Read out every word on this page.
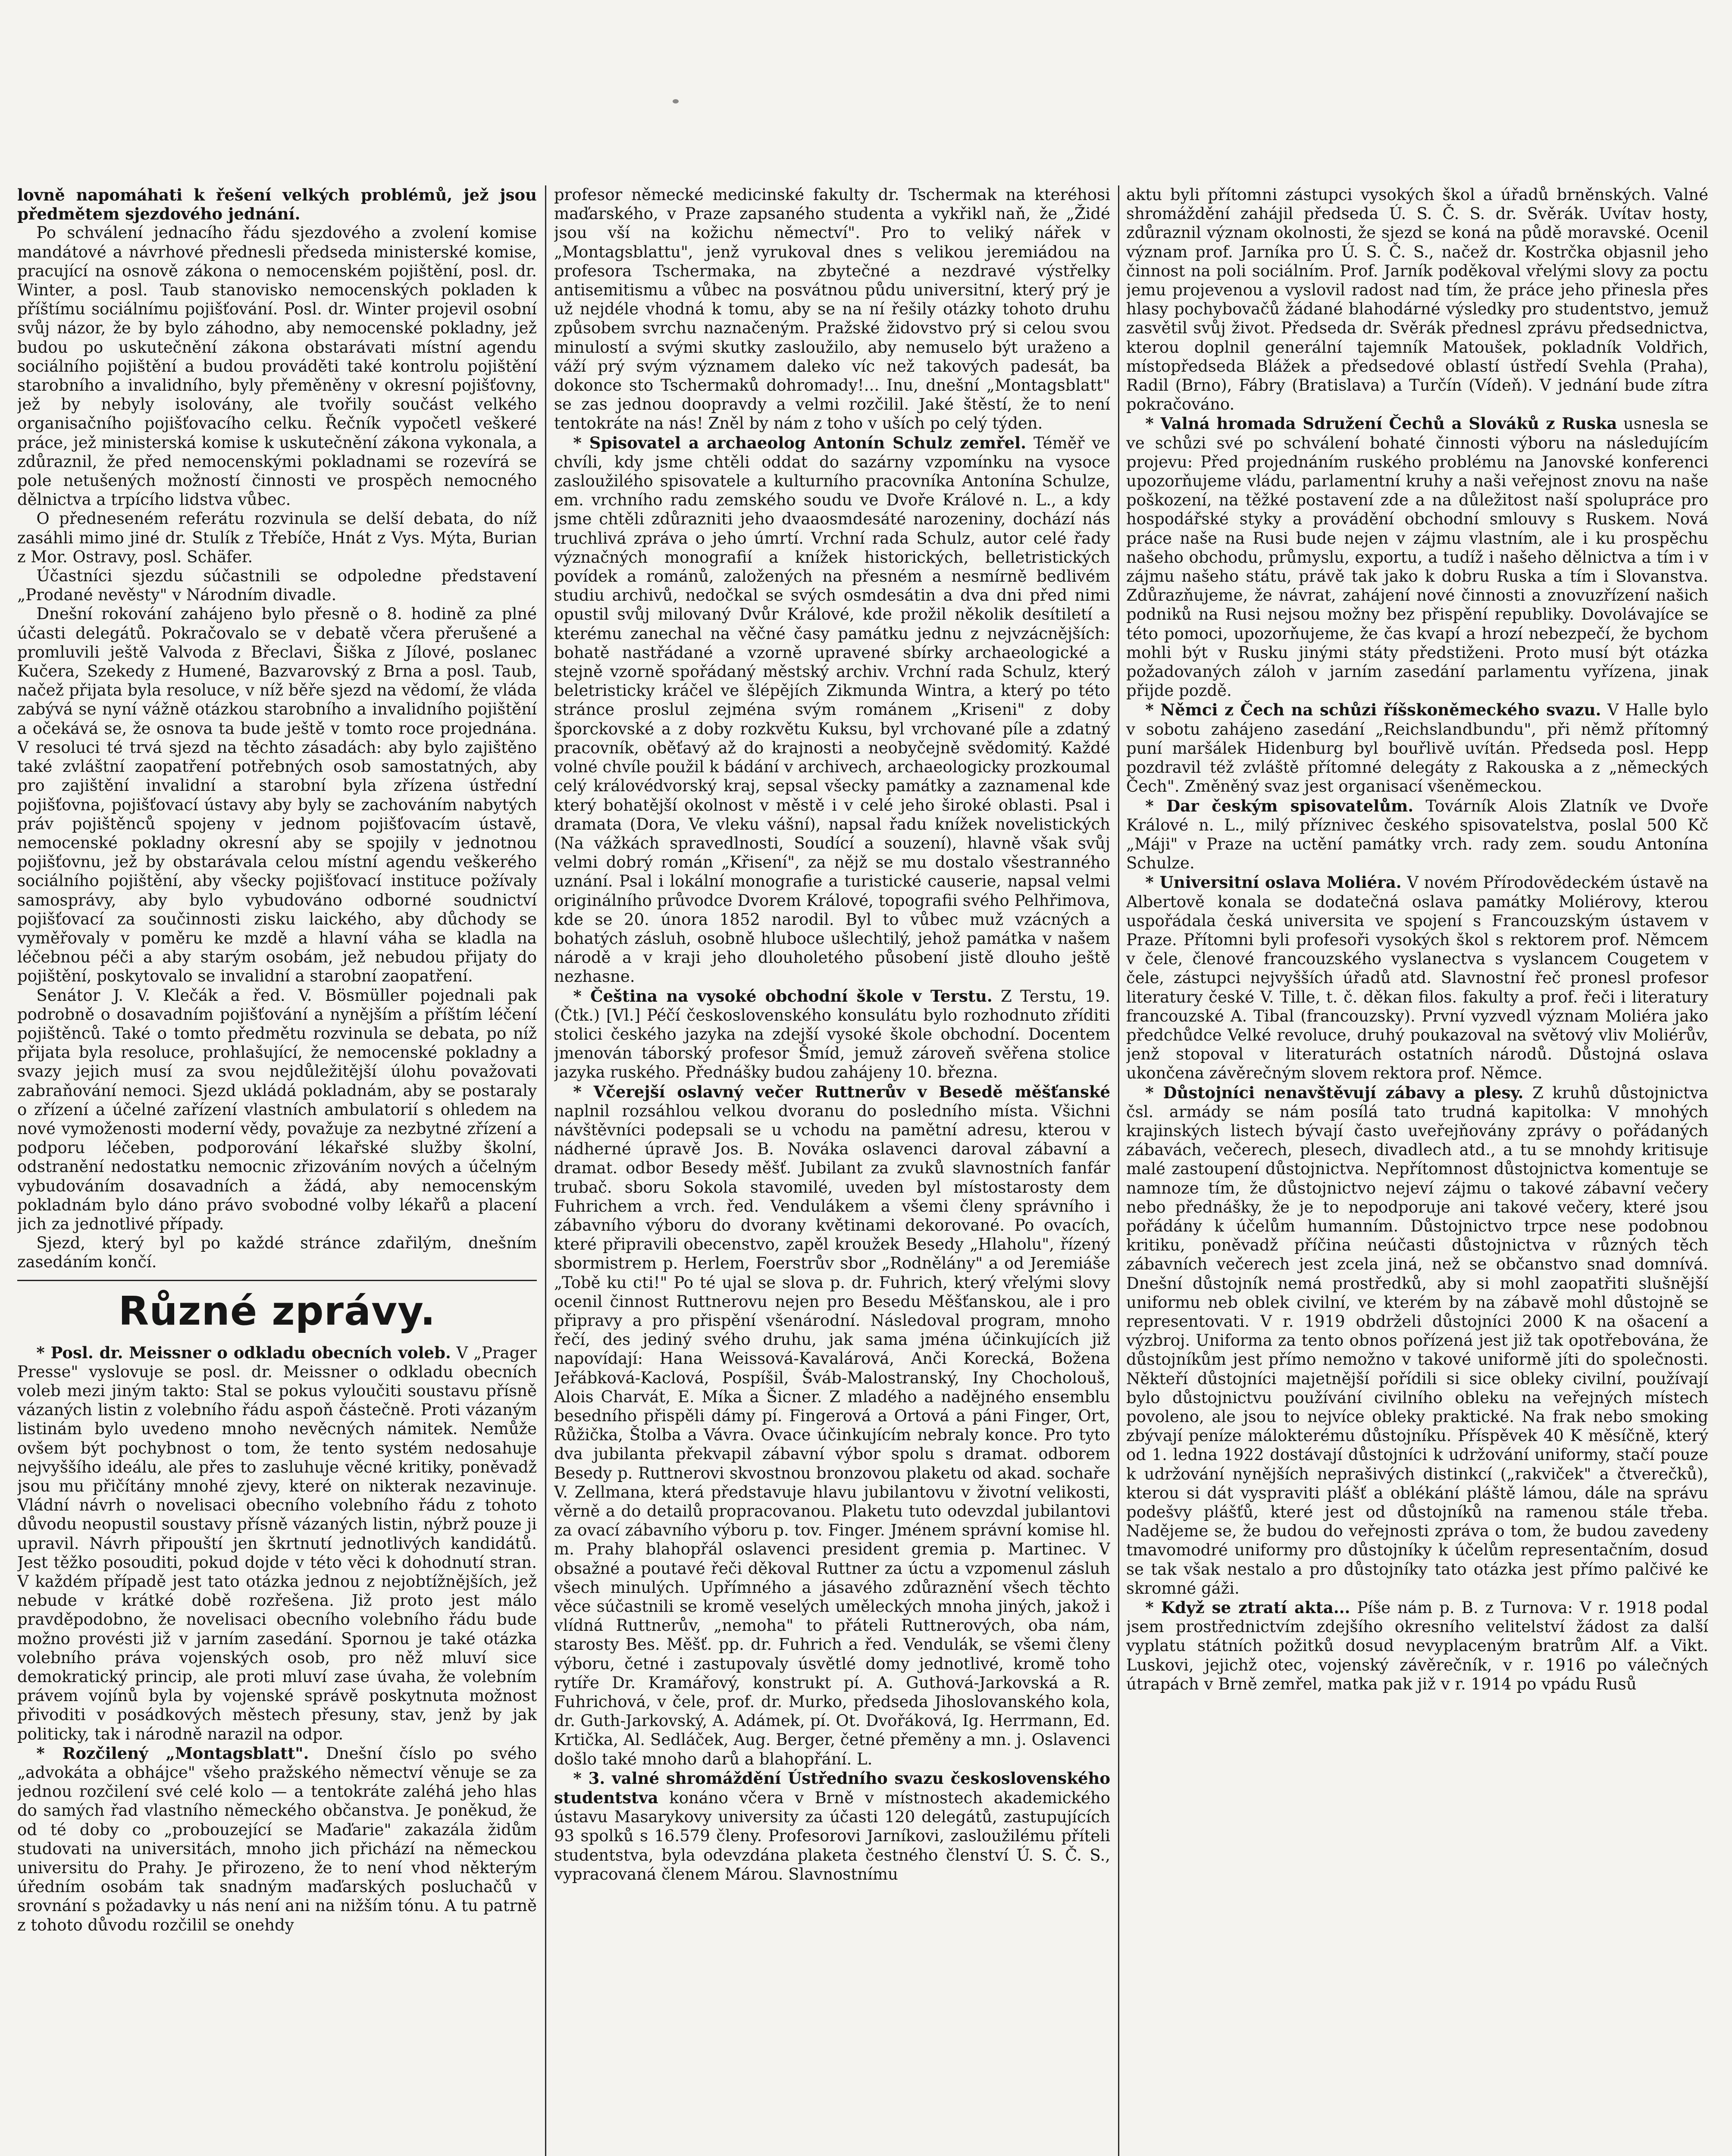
lovně napomáhati k řešení velkých problémů, jež jsou předmětem sjezdového jednání.

Po schválení jednacího řádu sjezdového a zvolení komise mandátové a návrhové přednesli předseda ministerské komise, pracující na osnově zákona o nemocenském pojištění, posl. dr. Winter, a posl. Taub stanovisko nemocenských pokladen k příštímu sociálnímu pojišťování. Posl. dr. Winter projevil osobní svůj názor, že by bylo záhodno, aby nemocenské pokladny, jež budou po uskutečnění zákona obstarávati místní agendu sociálního pojištění a budou prováděti také kontrolu pojištění starobního a invalidního, byly přeměněny v okresní pojišťovny, jež by nebyly isolovány, ale tvořily součást velkého organisačního pojišťovacího celku. Řečník vypočetl veškeré práce, jež ministerská komise k uskutečnění zákona vykonala, a zdůraznil, že před nemocenskými pokladnami se rozevírá se pole netušených možností činnosti ve prospěch nemocného dělnictva a trpícího lidstva vůbec.

O předneseném referátu rozvinula se delší debata, do níž zasáhli mimo jiné dr. Stulík z Třebíče, Hnát z Vys. Mýta, Burian z Mor. Ostravy, posl. Schäfer.

Účastníci sjezdu súčastnili se odpoledne představení „Prodané nevěsty" v Národním divadle.

Dnešní rokování zahájeno bylo přesně o 8. hodině za plné účasti delegátů. Pokračovalo se v debatě včera přerušené a promluvili ještě Valvoda z Břeclavi, Šiška z Jílové, poslanec Kučera, Szekedy z Humené, Bazvarovský z Brna a posl. Taub, načež přijata byla resoluce, v níž běře sjezd na vědomí, že vláda zabývá se nyní vážně otázkou starobního a invalidního pojištění a očekává se, že osnova ta bude ještě v tomto roce projednána. V resoluci té trvá sjezd na těchto zásadách: aby bylo zajištěno také zvláštní zaopatření potřebných osob samostatných, aby pro zajištění invalidní a starobní byla zřízena ústřední pojišťovna, pojišťovací ústavy aby byly se zachováním nabytých práv pojištěnců spojeny v jednom pojišťovacím ústavě, nemocenské pokladny okresní aby se spojily v jednotnou pojišťovnu, jež by obstarávala celou místní agendu veškerého sociálního pojištění, aby všecky pojišťovací instituce požívaly samosprávy, aby bylo vybudováno odborné soudnictví pojišťovací za součinnosti zisku laického, aby důchody se vyměřovaly v poměru ke mzdě a hlavní váha se kladla na léčebnou péči a aby starým osobám, jež nebudou přijaty do pojištění, poskytovalo se invalidní a starobní zaopatření.

Senátor J. V. Klečák a řed. V. Bösmüller pojednali pak podrobně o dosavadním pojišťování a nynějším a příštím léčení pojištěnců. Také o tomto předmětu rozvinula se debata, po níž přijata byla resoluce, prohlašující, že nemocenské pokladny a svazy jejich musí za svou nejdůležitější úlohu považovati zabraňování nemoci. Sjezd ukládá pokladnám, aby se postaraly o zřízení a účelné zařízení vlastních ambulatorií s ohledem na nové vymoženosti moderní vědy, považuje za nezbytné zřízení a podporu léčeben, podporování lékařské služby školní, odstranění nedostatku nemocnic zřizováním nových a účelným vybudováním dosavadních a žádá, aby nemocenským pokladnám bylo dáno právo svobodné volby lékařů a placení jich za jednotlivé případy.

Sjezd, který byl po každé stránce zdařilým, dnešním zasedáním končí.

Různé zprávy.

* Posl. dr. Meissner o odkladu obecních voleb. V „Prager Presse" vyslovuje se posl. dr. Meissner o odkladu obecních voleb mezi jiným takto: Stal se pokus vyloučiti soustavu přísně vázaných listin z volebního řádu aspoň částečně. Proti vázaným listinám bylo uvedeno mnoho nevěcných námitek. Nemůže ovšem být pochybnost o tom, že tento systém nedosahuje nejvyššího ideálu, ale přes to zasluhuje věcné kritiky, poněvadž jsou mu přičítány mnohé zjevy, které on nikterak nezavinuje. Vládní návrh o novelisaci obecního volebního řádu z tohoto důvodu neopustil soustavy přísně vázaných listin, nýbrž pouze ji upravil. Návrh připouští jen škrtnutí jednotlivých kandidátů. Jest těžko posouditi, pokud dojde v této věci k dohodnutí stran. V každém případě jest tato otázka jednou z nejobtížnějších, jež nebude v krátké době rozřešena. Již proto jest málo pravděpodobno, že novelisaci obecního volebního řádu bude možno provésti již v jarním zasedání. Spornou je také otázka volebního práva vojenských osob, pro něž mluví sice demokratický princip, ale proti mluví zase úvaha, že volebním právem vojínů byla by vojenské správě poskytnuta možnost přivoditi v posádkových městech přesuny, stav, jenž by jak politicky, tak i národně narazil na odpor.

* Rozčilený „Montagsblatt". Dnešní číslo po svého „advokáta a obhájce" všeho pražského němectví věnuje se za jednou rozčilení své celé kolo — a tentokráte zaléhá jeho hlas do samých řad vlastního německého občanstva. Je poněkud, že od té doby co „probouzející se Maďarie" zakazála židům studovati na universitách, mnoho jich přichází na německou universitu do Prahy. Je přirozeno, že to není vhod některým úředním osobám tak snadným maďarských posluchačů v srovnání s požadavky u nás není ani na nižším tónu. A tu patrně z tohoto důvodu rozčilil se onehdy

profesor německé medicinské fakulty dr. Tschermak na kteréhosi maďarského, v Praze zapsaného studenta a vykřikl naň, že „Židé jsou vší na kožichu němectví". Pro to veliký nářek v „Montagsblattu", jenž vyrukoval dnes s velikou jeremiádou na profesora Tschermaka, na zbytečné a nezdravé výstřelky antisemitismu a vůbec na posvátnou půdu universitní, který prý je už nejdéle vhodná k tomu, aby se na ní řešily otázky tohoto druhu způsobem svrchu naznačeným. Pražské židovstvo prý si celou svou minulostí a svými skutky zasloužilo, aby nemuselo být uraženo a váží prý svým významem daleko víc než takových padesát, ba dokonce sto Tschermaků dohromady!... Inu, dnešní „Montagsblatt" se zas jednou doopravdy a velmi rozčilil. Jaké štěstí, že to není tentokráte na nás! Zněl by nám z toho v uších po celý týden.

* Spisovatel a archaeolog Antonín Schulz zemřel. Téměř ve chvíli, kdy jsme chtěli oddat do sazárny vzpomínku na vysoce zasloužilého spisovatele a kulturního pracovníka Antonína Schulze, em. vrchního radu zemského soudu ve Dvoře Králové n. L., a kdy jsme chtěli zdůrazniti jeho dvaaosmdesáté narozeniny, dochází nás truchlivá zpráva o jeho úmrtí. Vrchní rada Schulz, autor celé řady význačných monografií a knížek historických, belletristických povídek a románů, založených na přesném a nesmírně bedlivém studiu archivů, nedočkal se svých osmdesátin a dva dni před nimi opustil svůj milovaný Dvůr Králové, kde prožil několik desítiletí a kterému zanechal na věčné časy památku jednu z nejvzácnějších: bohatě nastřádané a vzorně upravené sbírky archaeologické a stejně vzorně spořádaný městský archiv. Vrchní rada Schulz, který beletristicky kráčel ve šlépějích Zikmunda Wintra, a který po této stránce proslul zejména svým románem „Kriseni" z doby šporckovské a z doby rozkvětu Kuksu, byl vrchované píle a zdatný pracovník, oběťavý až do krajnosti a neobyčejně svědomitý. Každé volné chvíle použil k bádání v archivech, archaeologicky prozkoumal celý královédvorský kraj, sepsal všecky památky a zaznamenal kde který bohatější okolnost v městě i v celé jeho široké oblasti. Psal i dramata (Dora, Ve vleku vášní), napsal řadu knížek novelistických (Na vážkách spravedlnosti, Soudící a souzení), hlavně však svůj velmi dobrý román „Křisení", za nějž se mu dostalo všestranného uznání. Psal i lokální monografie a turistické causerie, napsal velmi originálního průvodce Dvorem Králové, topografii svého Pelhřimova, kde se 20. února 1852 narodil. Byl to vůbec muž vzácných a bohatých zásluh, osobně hluboce ušlechtilý, jehož památka v našem národě a v kraji jeho dlouholetého působení jistě dlouho ještě nezhasne.

* Čeština na vysoké obchodní škole v Terstu. Z Terstu, 19. (Čtk.) [Vl.] Péčí československého konsulátu bylo rozhodnuto zříditi stolici českého jazyka na zdejší vysoké škole obchodní. Docentem jmenován táborský profesor Šmíd, jemuž zároveň svěřena stolice jazyka ruského. Přednášky budou zahájeny 10. března.

* Včerejší oslavný večer Ruttnerův v Besedě měšťanské naplnil rozsáhlou velkou dvoranu do posledního místa. Všichni návštěvníci podepsali se u vchodu na pamětní adresu, kterou v nádherné úpravě Jos. B. Nováka oslavenci daroval zábavní a dramat. odbor Besedy měšť. Jubilant za zvuků slavnostních fanfár trubač. sboru Sokola stavomilé, uveden byl místostarosty dem Fuhrichem a vrch. řed. Vendulákem a všemi členy správního i zábavního výboru do dvorany květinami dekorované. Po ovacích, které připravili obecenstvo, zapěl kroužek Besedy „Hlaholu", řízený sbormistrem p. Herlem, Foerstrův sbor „Rodnělány" a od Jeremiáše „Tobě ku cti!" Po té ujal se slova p. dr. Fuhrich, který vřelými slovy ocenil činnost Ruttnerovu nejen pro Besedu Měšťanskou, ale i pro připravy a pro přispění všenárodní. Následoval program, mnoho řečí, des jediný svého druhu, jak sama jména účinkujících již napovídají: Hana Weissová-Kavalárová, Anči Korecká, Božena Jeřábková-Kaclová, Pospíšil, Šváb-Malostranský, Iny Chocholouš, Alois Charvát, E. Míka a Šicner. Z mladého a nadějného ensemblu besedního přispěli dámy pí. Fingerová a Ortová a páni Finger, Ort, Růžička, Štolba a Vávra. Ovace účinkujícím nebraly konce. Pro tyto dva jubilanta překvapil zábavní výbor spolu s dramat. odborem Besedy p. Ruttnerovi skvostnou bronzovou plaketu od akad. sochaře V. Zellmana, která představuje hlavu jubilantovu v životní velikosti, věrně a do detailů propracovanou. Plaketu tuto odevzdal jubilantovi za ovací zábavního výboru p. tov. Finger. Jménem správní komise hl. m. Prahy blahopřál oslavenci president gremia p. Martinec. V obsažné a poutavé řeči děkoval Ruttner za úctu a vzpomenul zásluh všech minulých. Upřímného a jásavého zdůraznění všech těchto věce súčastnili se kromě veselých uměleckých mnoha jiných, jakož i vlídná Ruttnerův, „nemoha" to přáteli Ruttnerových, oba nám, starosty Bes. Měšť. pp. dr. Fuhrich a řed. Vendulák, se všemi členy výboru, četné i zastupovaly úsvětlé domy jednotlivé, kromě toho rytíře Dr. Kramářový, konstrukt pí. A. Guthová-Jarkovská a R. Fuhrichová, v čele, prof. dr. Murko, předseda Jihoslovanského kola, dr. Guth-Jarkovský, A. Adámek, pí. Ot. Dvořáková, Ig. Herrmann, Ed. Krtička, Al. Sedláček, Aug. Berger, četné přeměny a mn. j. Oslavenci došlo také mnoho darů a blahopřání. L.

* 3. valné shromáždění Ústředního svazu československého studentstva konáno včera v Brně v místnostech akademického ústavu Masarykovy university za účasti 120 delegátů, zastupujících 93 spolků s 16.579 členy. Profesorovi Jarníkovi, zasloužilému příteli studentstva, byla odevzdána plaketa čestného členství Ú. S. Č. S., vypracovaná členem Márou. Slavnostnímu

aktu byli přítomni zástupci vysokých škol a úřadů brněnských. Valné shromáždění zahájil předseda Ú. S. Č. S. dr. Svěrák. Uvítav hosty, zdůraznil význam okolnosti, že sjezd se koná na půdě moravské. Ocenil význam prof. Jarníka pro Ú. S. Č. S., načež dr. Kostrčka objasnil jeho činnost na poli sociálním. Prof. Jarník poděkoval vřelými slovy za poctu jemu projevenou a vyslovil radost nad tím, že práce jeho přinesla přes hlasy pochybovačů žádané blahodárné výsledky pro studentstvo, jemuž zasvětil svůj život. Předseda dr. Svěrák přednesl zprávu předsednictva, kterou doplnil generální tajemník Matoušek, pokladník Voldřich, místopředseda Blážek a předsedové oblastí ústředí Svehla (Praha), Radil (Brno), Fábry (Bratislava) a Turčín (Vídeň). V jednání bude zítra pokračováno.

* Valná hromada Sdružení Čechů a Slováků z Ruska usnesla se ve schůzi své po schválení bohaté činnosti výboru na následujícím projevu: Před projednáním ruského problému na Janovské konferenci upozorňujeme vládu, parlamentní kruhy a naši veřejnost znovu na naše poškození, na těžké postavení zde a na důležitost naší spolupráce pro hospodářské styky a provádění obchodní smlouvy s Ruskem. Nová práce naše na Rusi bude nejen v zájmu vlastním, ale i ku prospěchu našeho obchodu, průmyslu, exportu, a tudíž i našeho dělnictva a tím i v zájmu našeho státu, právě tak jako k dobru Ruska a tím i Slovanstva. Zdůrazňujeme, že návrat, zahájení nové činnosti a znovuzřízení našich podniků na Rusi nejsou možny bez přispění republiky. Dovolávajíce se této pomoci, upozorňujeme, že čas kvapí a hrozí nebezpečí, že bychom mohli být v Rusku jinými státy předstiženi. Proto musí být otázka požadovaných záloh v jarním zasedání parlamentu vyřízena, jinak přijde pozdě.

* Němci z Čech na schůzi říšskoněmeckého svazu. V Halle bylo v sobotu zahájeno zasedání „Reichslandbundu", při němž přítomný puní maršálek Hidenburg byl bouřlivě uvítán. Předseda posl. Hepp pozdravil též zvláště přítomné delegáty z Rakouska a z „německých Čech". Změněný svaz jest organisací všeněmeckou.

* Dar českým spisovatelům. Továrník Alois Zlatník ve Dvoře Králové n. L., milý příznivec českého spisovatelstva, poslal 500 Kč „Máji" v Praze na uctění památky vrch. rady zem. soudu Antonína Schulze.

* Universitní oslava Moliéra. V novém Přírodovědeckém ústavě na Albertově konala se dodatečná oslava památky Moliérovy, kterou uspořádala česká universita ve spojení s Francouzským ústavem v Praze. Přítomni byli profesoři vysokých škol s rektorem prof. Němcem v čele, členové francouzského vyslanectva s vyslancem Cougetem v čele, zástupci nejvyšších úřadů atd. Slavnostní řeč pronesl profesor literatury české V. Tille, t. č. děkan filos. fakulty a prof. řeči i literatury francouzské A. Tibal (francouzsky). První vyzvedl význam Moliéra jako předchůdce Velké revoluce, druhý poukazoval na světový vliv Moliérův, jenž stopoval v literaturách ostatních národů. Důstojná oslava ukončena závěrečným slovem rektora prof. Němce.

* Důstojníci nenavštěvují zábavy a plesy. Z kruhů důstojnictva čsl. armády se nám posílá tato trudná kapitolka: V mnohých krajinských listech bývají často uveřejňovány zprávy o pořádaných zábavách, večerech, plesech, divadlech atd., a tu se mnohdy kritisuje malé zastoupení důstojnictva. Nepřítomnost důstojnictva komentuje se namnoze tím, že důstojnictvo nejeví zájmu o takové zábavní večery nebo přednášky, že je to nepodporuje ani takové večery, které jsou pořádány k účelům humanním. Důstojnictvo trpce nese podobnou kritiku, poněvadž příčina neúčasti důstojnictva v různých těch zábavních večerech jest zcela jiná, než se občanstvo snad domnívá. Dnešní důstojník nemá prostředků, aby si mohl zaopatřiti slušnější uniformu neb oblek civilní, ve kterém by na zábavě mohl důstojně se representovati. V r. 1919 obdrželi důstojníci 2000 K na ošacení a výzbroj. Uniforma za tento obnos pořízená jest již tak opotřebována, že důstojníkům jest přímo nemožno v takové uniformě jíti do společnosti. Někteří důstojníci majetnější pořídili si sice obleky civilní, používají bylo důstojnictvu používání civilního obleku na veřejných místech povoleno, ale jsou to nejvíce obleky praktické. Na frak nebo smoking zbývají peníze málokterému důstojníku. Příspěvek 40 K měsíčně, který od 1. ledna 1922 dostávají důstojníci k udržování uniformy, stačí pouze k udržování nynějších neprašivých distinkcí („rakviček" a čtverečků), kterou si dát vyspraviti plášť a oblékání pláště lámou, dále na správu podešvy plášťů, které jest od důstojníků na ramenou stále třeba. Nadějeme se, že budou do veřejnosti zpráva o tom, že budou zavedeny tmavomodré uniformy pro důstojníky k účelům representačním, dosud se tak však nestalo a pro důstojníky tato otázka jest přímo palčivé ke skromné gáži.

* Když se ztratí akta... Píše nám p. B. z Turnova: V r. 1918 podal jsem prostřednictvím zdejšího okresního velitelství žádost za další vyplatu státních požitků dosud nevyplaceným bratrům Alf. a Vikt. Luskovi, jejichž otec, vojenský závěrečník, v r. 1916 po válečných útrapách v Brně zemřel, matka pak již v r. 1914 po vpádu Rusů
